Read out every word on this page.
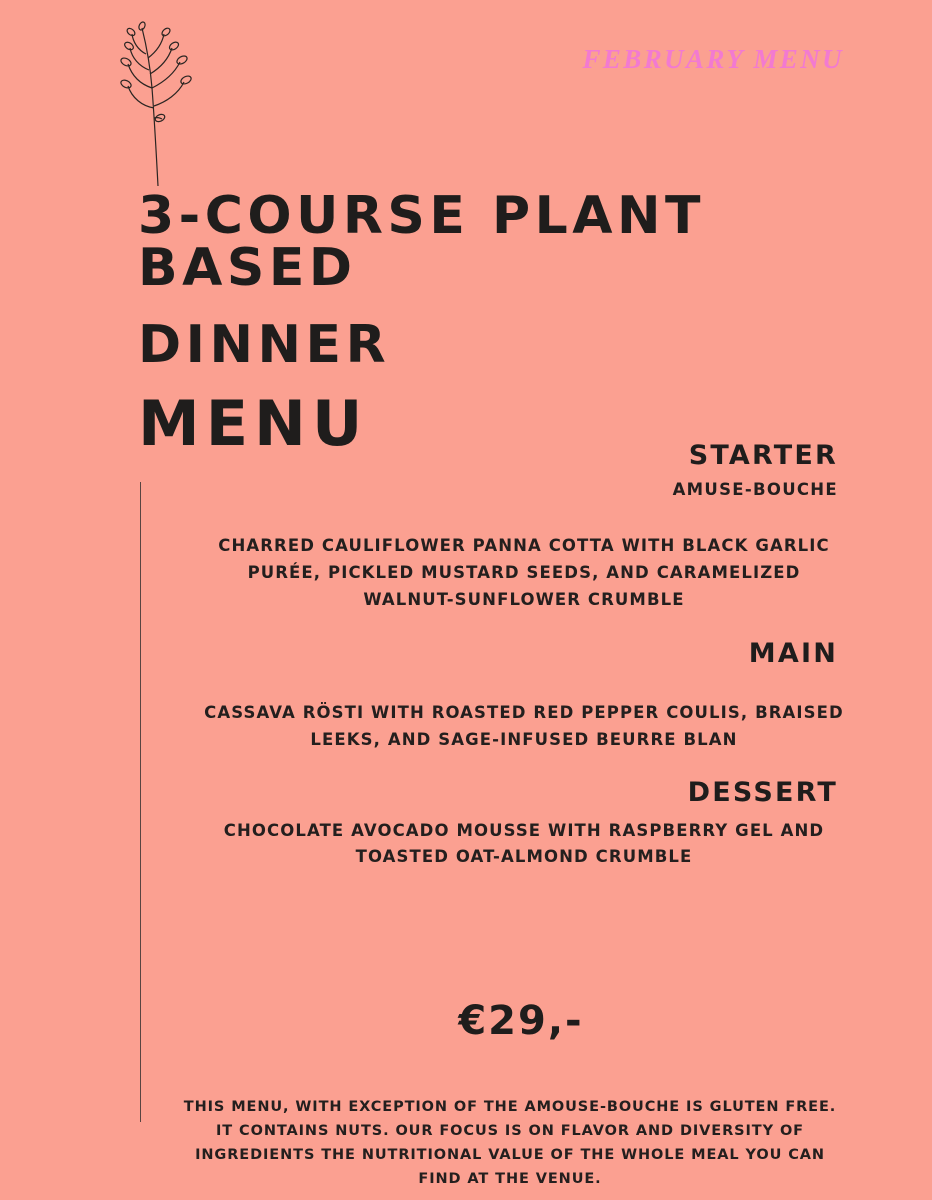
FEBRUARY MENU
3-COURSE PLANT BASED
DINNER
MENU	STARTER
AMUSE-BOUCHE
CHARRED CAULIFLOWER PANNA COTTA WITH BLACK GARLIC PURÉE, PICKLED MUSTARD SEEDS, AND CARAMELIZED WALNUT-SUNFLOWER CRUMBLE
MAIN
CASSAVA RÖSTI WITH ROASTED RED PEPPER COULIS, BRAISED LEEKS, AND SAGE-INFUSED BEURRE BLAN
DESSERT
CHOCOLATE AVOCADO MOUSSE WITH RASPBERRY GEL AND TOASTED OAT-ALMOND CRUMBLE
€29,-
THIS MENU, WITH EXCEPTION OF THE AMOUSE-BOUCHE IS GLUTEN FREE. IT CONTAINS NUTS. OUR FOCUS IS ON FLAVOR AND DIVERSITY OF INGREDIENTS THE NUTRITIONAL VALUE OF THE WHOLE MEAL YOU CAN FIND AT THE VENUE.
